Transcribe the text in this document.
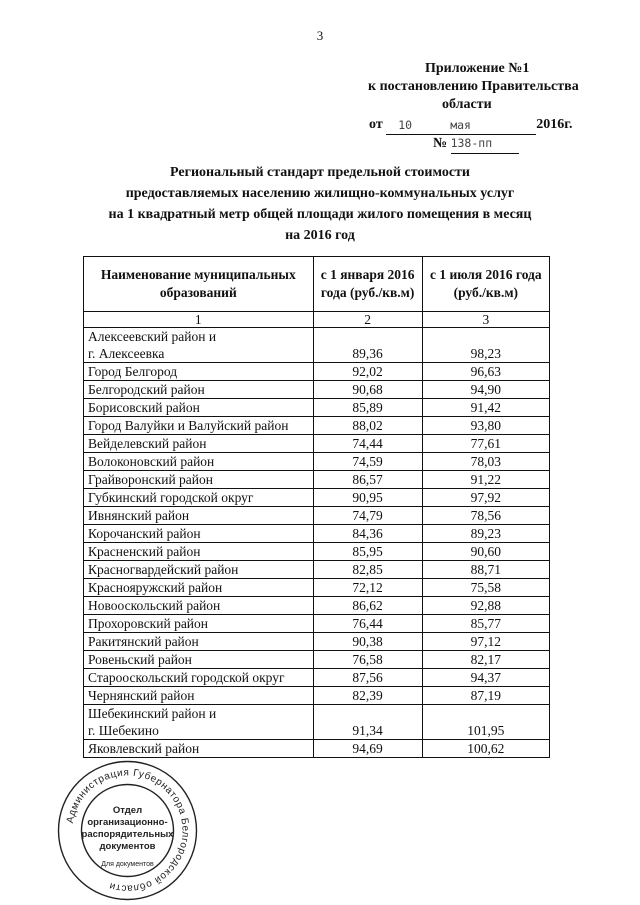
3
Приложение №1
к постановлению Правительства
области
от 10	мая	2016г.
№ 138-пп
Региональный стандарт предельной стоимости
предоставляемых населению жилищно-коммунальных услуг
на 1 квадратный метр общей площади жилого помещения в месяц
на 2016 год
Наименование муниципальных образований	с 1 января 2016 года (руб./кв.м)	с 1 июля 2016 года (руб./кв.м)
1	2	3

Алексеевский район и
г. Алексеевка	89,36	98,23

Город Белгород	92,02	96,63

Белгородский район	90,68	94,90

Борисовский район	85,89	91,42

Город Валуйки и Валуйский район	88,02	93,80

Вейделевский район	74,44	77,61

Волоконовский район	74,59	78,03

Грайворонский район	86,57	91,22

Губкинский городской округ	90,95	97,92

Ивнянский район	74,79	78,56

Корочанский район	84,36	89,23

Красненский район	85,95	90,60

Красногвардейский район	82,85	88,71

Краснояружский район	72,12	75,58

Новооскольский район	86,62	92,88

Прохоровский район	76,44	85,77

Ракитянский район	90,38	97,12

Ровеньский район	76,58	82,17

Старооскольский городской округ	87,56	94,37

Чернянский район	82,39	87,19

Шебекинский район и
г. Шебекино	91,34	101,95

Яковлевский район	94,69	100,62
Администрация Губернатора Белгородской области
Отдел
организационно-
распорядительных
документов
Для документов
